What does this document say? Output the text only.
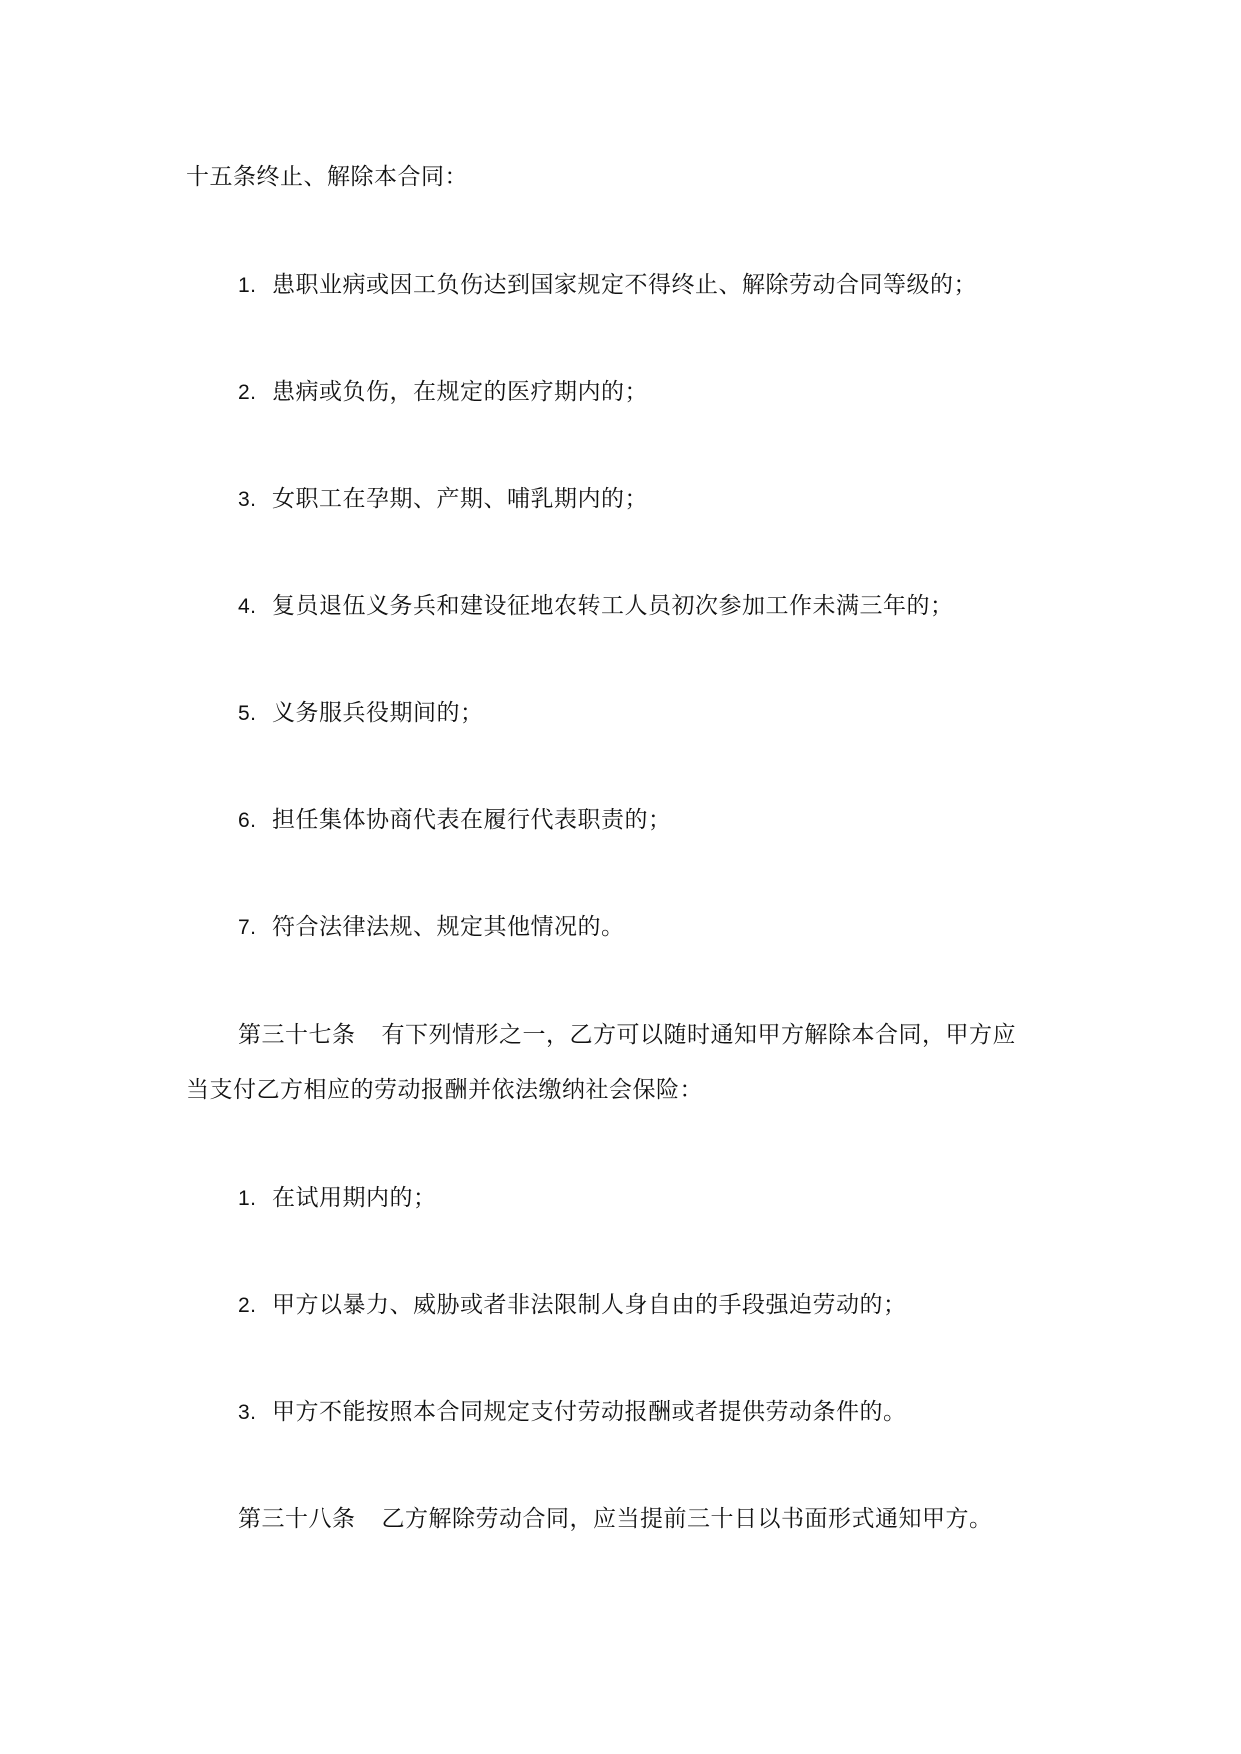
十五条终止、解除本合同：
1. 患职业病或因工负伤达到国家规定不得终止、解除劳动合同等级的；
2. 患病或负伤，在规定的医疗期内的；
3. 女职工在孕期、产期、哺乳期内的；
4. 复员退伍义务兵和建设征地农转工人员初次参加工作未满三年的；
5. 义务服兵役期间的；
6. 担任集体协商代表在履行代表职责的；
7. 符合法律法规、规定其他情况的。
第三十七条 有下列情形之一，乙方可以随时通知甲方解除本合同，甲方应
当支付乙方相应的劳动报酬并依法缴纳社会保险：
1. 在试用期内的；
2. 甲方以暴力、威胁或者非法限制人身自由的手段强迫劳动的；
3. 甲方不能按照本合同规定支付劳动报酬或者提供劳动条件的。
第三十八条 乙方解除劳动合同，应当提前三十日以书面形式通知甲方。
